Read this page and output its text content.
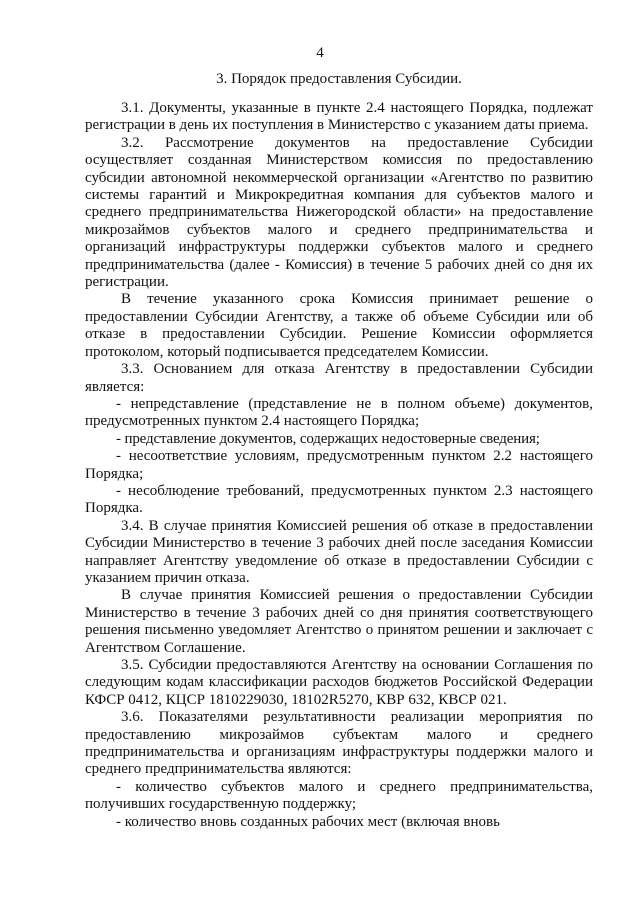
4
3. Порядок предоставления Субсидии.

3.1. Документы, указанные в пункте 2.4 настоящего Порядка, подлежат регистрации в день их поступления в Министерство с указанием даты приема.

3.2. Рассмотрение документов на предоставление Субсидии осуществляет созданная Министерством комиссия по предоставлению субсидии автономной некоммерческой организации «Агентство по развитию системы гарантий и Микрокредитная компания для субъектов малого и среднего предпринимательства Нижегородской области» на предоставление микрозаймов субъектов малого и среднего предпринимательства и организаций инфраструктуры поддержки субъектов малого и среднего предпринимательства (далее - Комиссия) в течение 5 рабочих дней со дня их регистрации.

В течение указанного срока Комиссия принимает решение о предоставлении Субсидии Агентству, а также об объеме Субсидии или об отказе в предоставлении Субсидии. Решение Комиссии оформляется протоколом, который подписывается председателем Комиссии.

3.3. Основанием для отказа Агентству в предоставлении Субсидии является:

- непредставление (представление не в полном объеме) документов, предусмотренных пунктом 2.4 настоящего Порядка;

- представление документов, содержащих недостоверные сведения;

- несоответствие условиям, предусмотренным пунктом 2.2 настоящего Порядка;

- несоблюдение требований, предусмотренных пунктом 2.3 настоящего Порядка.

3.4. В случае принятия Комиссией решения об отказе в предоставлении Субсидии Министерство в течение 3 рабочих дней после заседания Комиссии направляет Агентству уведомление об отказе в предоставлении Субсидии с указанием причин отказа.

В случае принятия Комиссией решения о предоставлении Субсидии Министерство в течение 3 рабочих дней со дня принятия соответствующего решения письменно уведомляет Агентство о принятом решении и заключает с Агентством Соглашение.

3.5. Субсидии предоставляются Агентству на основании Соглашения по следующим кодам классификации расходов бюджетов Российской Федерации КФСР 0412, КЦСР 1810229030, 18102R5270, КВР 632, КВСР 021.

3.6. Показателями результативности реализации мероприятия по предоставлению микрозаймов субъектам малого и среднего предпринимательства и организациям инфраструктуры поддержки малого и среднего предпринимательства являются:

- количество субъектов малого и среднего предпринимательства, получивших государственную поддержку;

- количество вновь созданных рабочих мест (включая вновь
